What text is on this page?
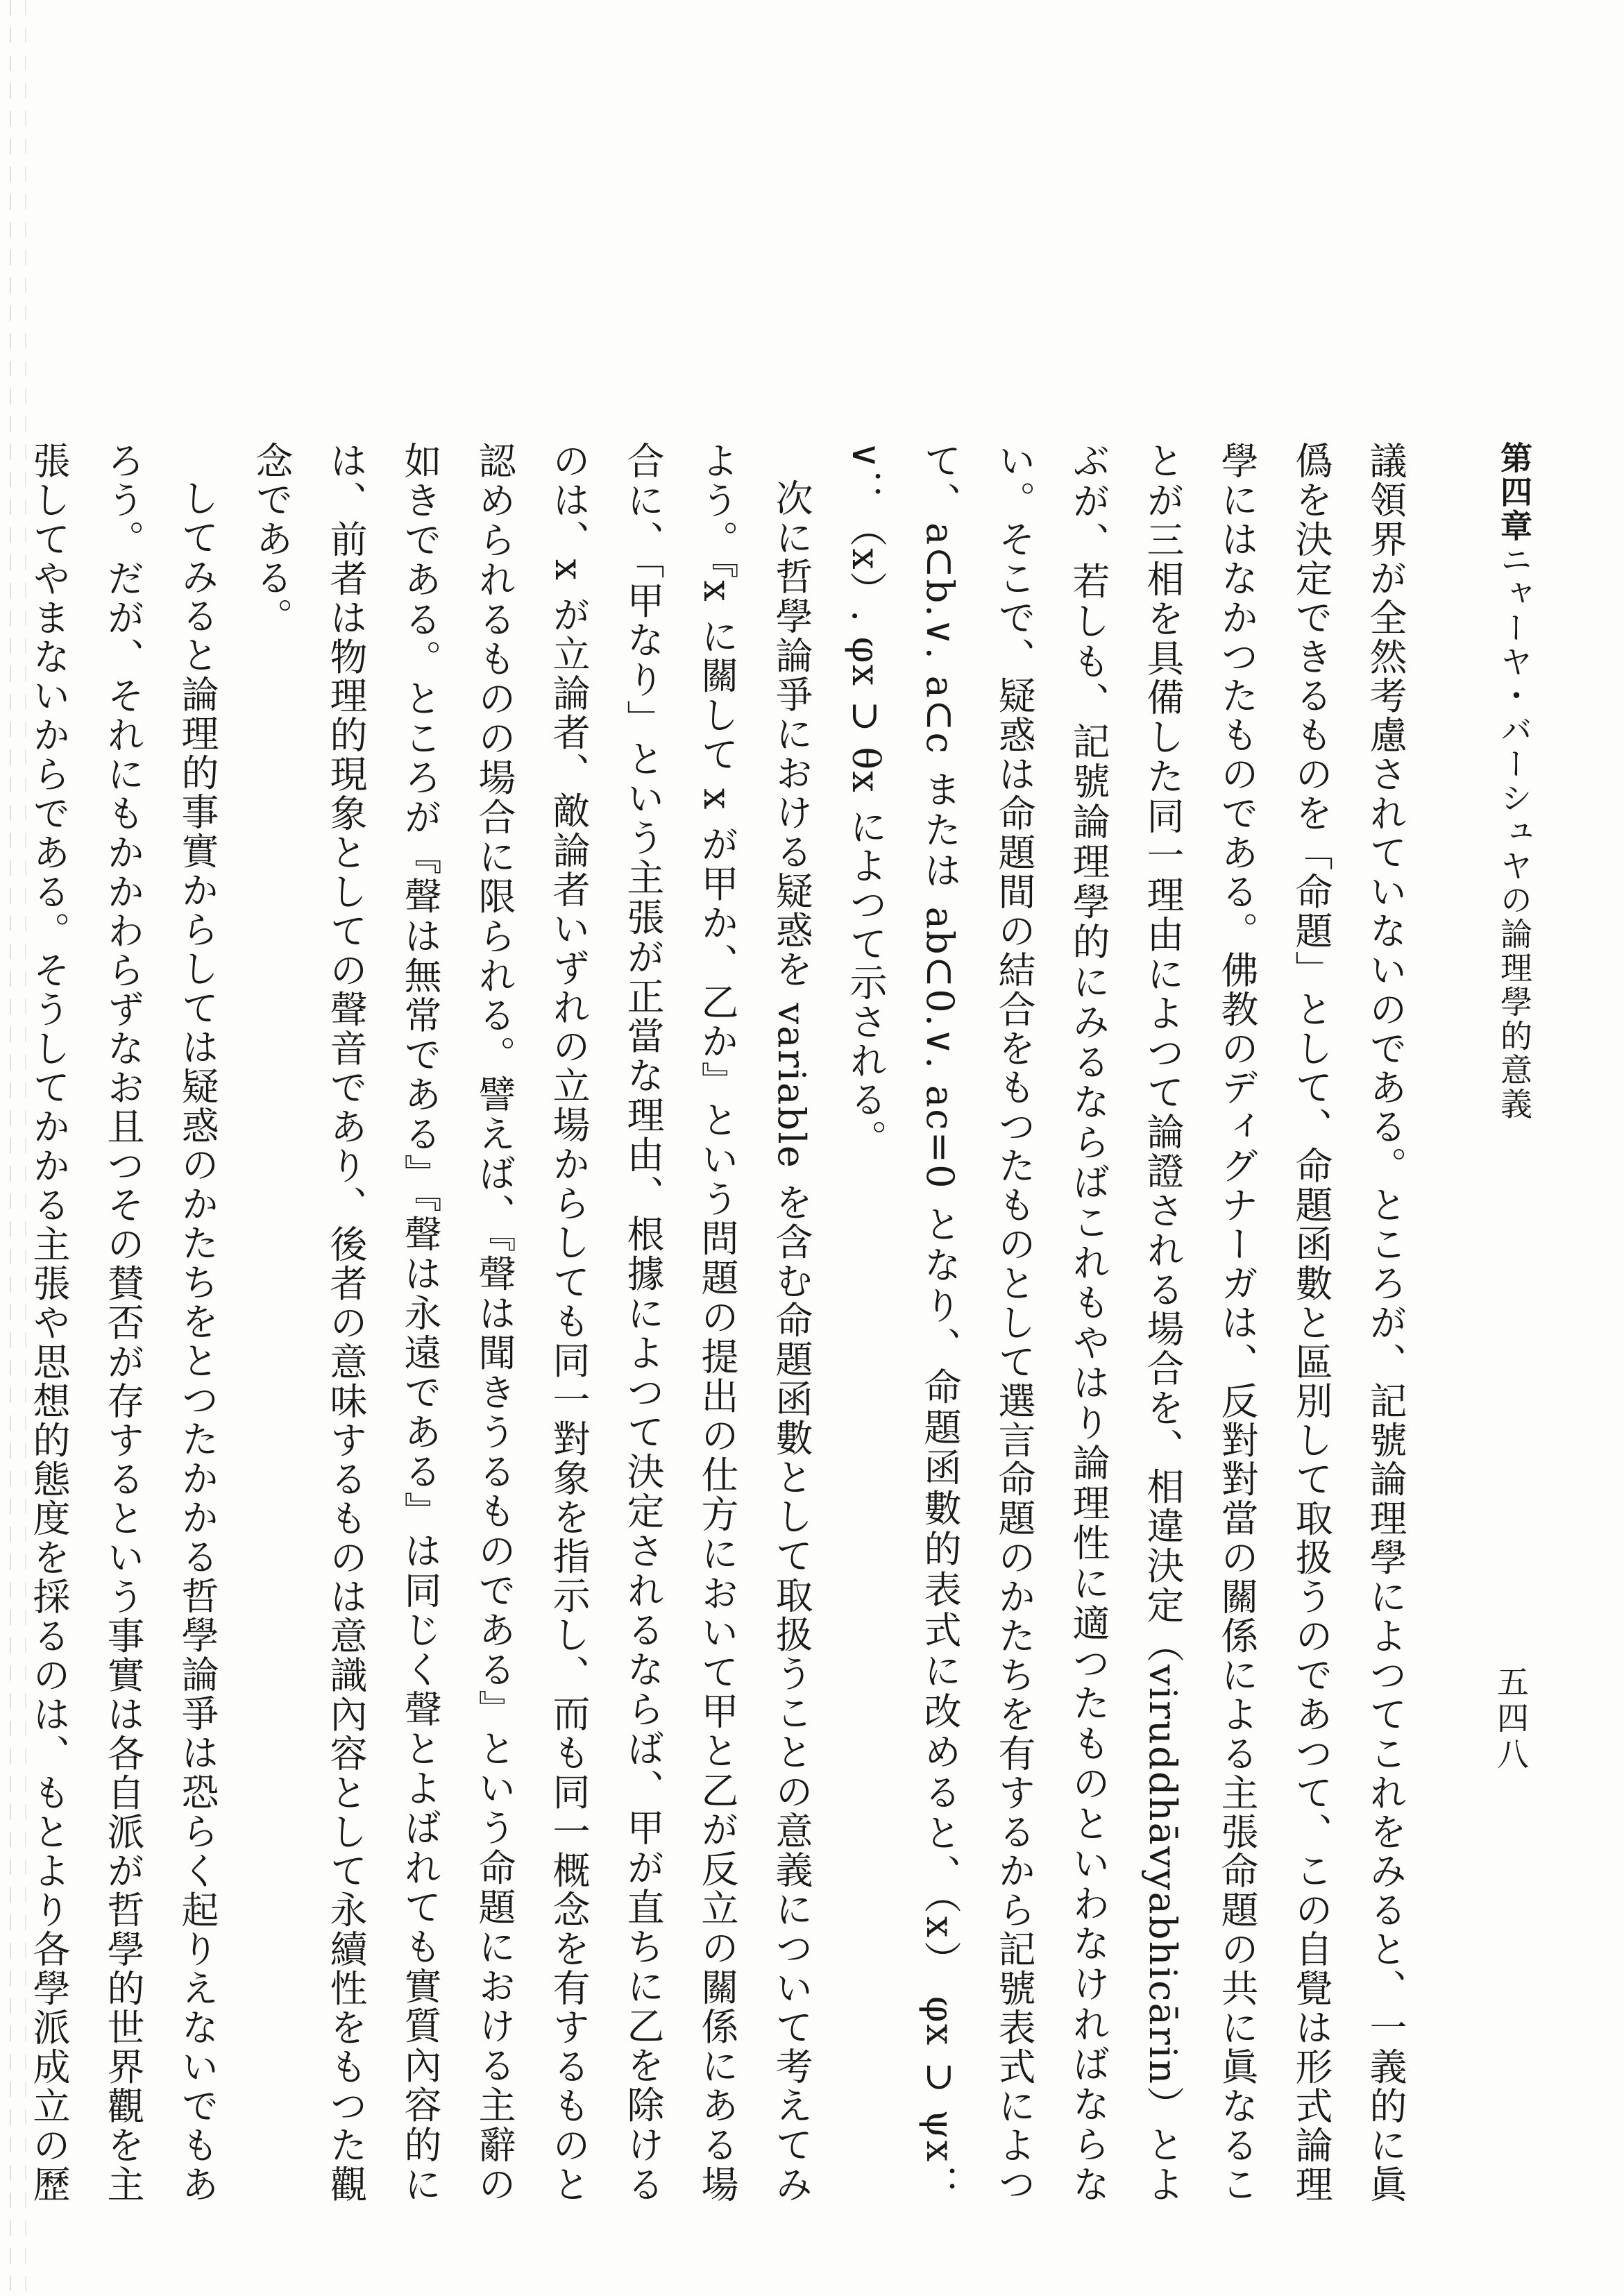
第四章ニャーヤ・バーシュヤの論理學的意義
五四八

議領界が全然考慮されていないのである。ところが、記號論理學によつてこれをみると、一義的に眞僞を決定できるものを「命題」として、命題函數と區別して取扱うのであつて、この自覺は形式論理學にはなかつたものである。佛教のディグナーガは、反對對當の關係による主張命題の共に眞なることが三相を具備した同一理由によつて論證される場合を、相違決定（viruddhāvyabhicārin）とよぶが、若しも、記號論理學的にみるならばこれもやはり論理性に適つたものといわなければならない。そこで、疑惑は命題間の結合をもつたものとして選言命題のかたちを有するから記號表式によつて、a⊂b.∨. a⊂c または ab⊂0.∨. ac=0 となり、命題函數的表式に改めると、（x） φx ⊃ ψx：∨：（x）. φx ⊃ θx によつて示される。

次に哲學論爭における疑惑を variable を含む命題函數として取扱うことの意義について考えてみよう。『x に關して x が甲か、乙か』という問題の提出の仕方において甲と乙が反立の關係にある場合に、「甲なり」という主張が正當な理由、根據によつて決定されるならば、甲が直ちに乙を除けるのは、x が立論者、敵論者いずれの立場からしても同一對象を指示し、而も同一概念を有するものと認められるものの場合に限られる。譬えば、『聲は聞きうるものである』という命題における主辭の如きである。ところが『聲は無常である』『聲は永遠である』は同じく聲とよばれても實質內容的には、前者は物理的現象としての聲音であり、後者の意味するものは意識內容として永續性をもつた觀念である。

してみると論理的事實からしては疑惑のかたちをとつたかかる哲學論爭は恐らく起りえないでもあろう。だが、それにもかかわらずなお且つその賛否が存するという事實は各自派が哲學的世界觀を主張してやまないからである。そうしてかかる主張や思想的態度を採るのは、もとより各學派成立の歷
